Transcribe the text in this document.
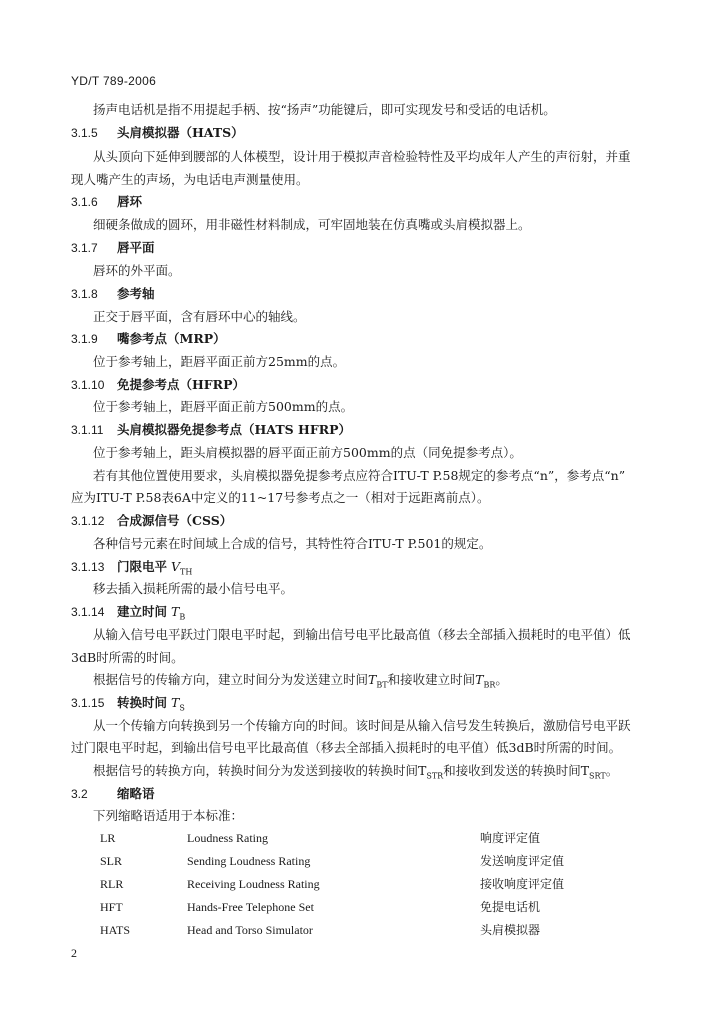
YD/T 789-2006
扬声电话机是指不用提起手柄、按“扬声”功能键后，即可实现发号和受话的电话机。
3.1.5 头肩模拟器（HATS）
从头顶向下延伸到腰部的人体模型，设计用于模拟声音检验特性及平均成年人产生的声衍射，并重
现人嘴产生的声场，为电话电声测量使用。
3.1.6 唇环
细硬条做成的圆环，用非磁性材料制成，可牢固地装在仿真嘴或头肩模拟器上。
3.1.7 唇平面
唇环的外平面。
3.1.8 参考轴
正交于唇平面，含有唇环中心的轴线。
3.1.9 嘴参考点（MRP）
位于参考轴上，距唇平面正前方25mm的点。
3.1.10 免提参考点（HFRP）
位于参考轴上，距唇平面正前方500mm的点。
3.1.11 头肩模拟器免提参考点（HATS HFRP）
位于参考轴上，距头肩模拟器的唇平面正前方500mm的点（同免提参考点）。
若有其他位置使用要求，头肩模拟器免提参考点应符合ITU-T P.58规定的参考点“n”，参考点“n”
应为ITU-T P.58表6A中定义的11~17号参考点之一（相对于远距离前点）。
3.1.12 合成源信号（CSS）
各种信号元素在时间域上合成的信号，其特性符合ITU-T P.501的规定。
3.1.13 门限电平 $V_{TH}$
移去插入损耗所需的最小信号电平。
3.1.14 建立时间 $T_B$
从输入信号电平跃过门限电平时起，到输出信号电平比最高值（移去全部插入损耗时的电平值）低
3dB时所需的时间。
根据信号的传输方向，建立时间分为发送建立时间$T_{BT}$和接收建立时间$T_{BR}$。
3.1.15 转换时间 $T_S$
从一个传输方向转换到另一个传输方向的时间。该时间是从输入信号发生转换后，激励信号电平跃
过门限电平时起，到输出信号电平比最高值（移去全部插入损耗时的电平值）低3dB时所需的时间。
根据信号的转换方向，转换时间分为发送到接收的转换时间$T_{STR}$和接收到发送的转换时间$T_{SRT}$。
3.2 缩略语
下列缩略语适用于本标准：
LR	Loudness Rating	响度评定值
SLR	Sending Loudness Rating	发送响度评定值
RLR	Receiving Loudness Rating	接收响度评定值
HFT	Hands-Free Telephone Set	免提电话机
HATS	Head and Torso Simulator	头肩模拟器
2
